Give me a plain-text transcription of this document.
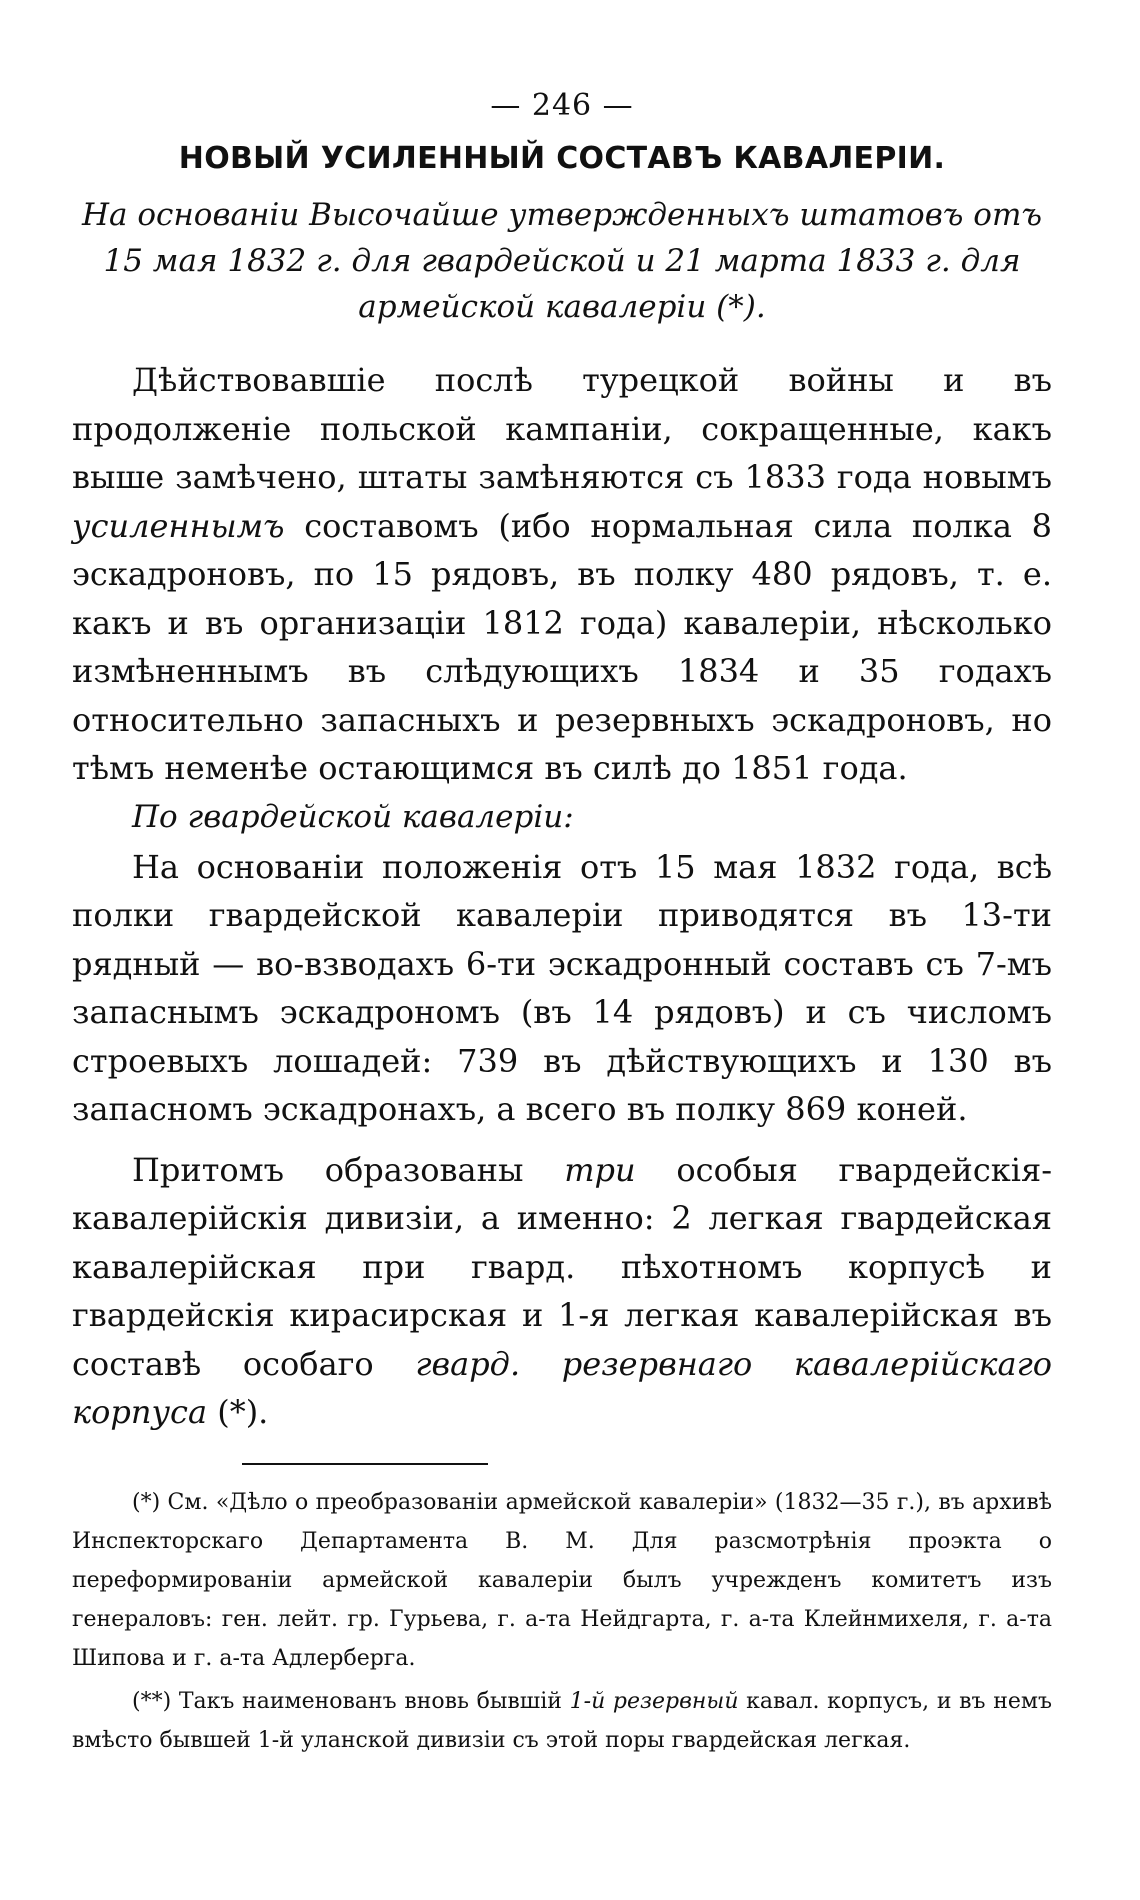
— 246 —
НОВЫЙ УСИЛЕННЫЙ СОСТАВЪ КАВАЛЕРІИ.

На основаніи Высочайше утвержденныхъ штатовъ отъ 15 мая 1832 г. для гвардейской и 21 марта 1833 г. для армейской кавалеріи (*).

Дѣйствовавшіе послѣ турецкой войны и въ продолженіе польской кампаніи, сокращенные, какъ выше замѣчено, штаты замѣняются съ 1833 года новымъ усиленнымъ составомъ (ибо нормальная сила полка 8 эскадроновъ, по 15 рядовъ, въ полку 480 рядовъ, т. е. какъ и въ организаціи 1812 года) кавалеріи, нѣсколько измѣненнымъ въ слѣдующихъ 1834 и 35 годахъ относительно запасныхъ и резервныхъ эскадроновъ, но тѣмъ неменѣе остающимся въ силѣ до 1851 года.

По гвардейской кавалеріи:

На основаніи положенія отъ 15 мая 1832 года, всѣ полки гвардейской кавалеріи приводятся въ 13-ти рядный — во-взводахъ 6-ти эскадронный составъ съ 7-мъ запаснымъ эскадрономъ (въ 14 рядовъ) и съ числомъ строевыхъ лошадей: 739 въ дѣйствующихъ и 130 въ запасномъ эскадронахъ, а всего въ полку 869 коней.

Притомъ образованы три особыя гвардейскія-кавалерійскія дивизіи, а именно: 2 легкая гвардейская кавалерійская при гвард. пѣхотномъ корпусѣ и гвардейскія кирасирская и 1-я легкая кавалерійская въ составѣ особаго гвард. резервнаго кавалерійскаго корпуса (*).

(*) См. «Дѣло о преобразованіи армейской кавалеріи» (1832—35 г.), въ архивѣ Инспекторскаго Департамента В. М. Для разсмотрѣнія проэкта о переформированіи армейской кавалеріи былъ учрежденъ комитетъ изъ генераловъ: ген. лейт. гр. Гурьева, г. а-та Нейдгарта, г. а-та Клейнмихеля, г. а-та Шипова и г. а-та Адлерберга.

(**) Такъ наименованъ вновь бывшій 1-й резервный кавал. корпусъ, и въ немъ вмѣсто бывшей 1-й уланской дивизіи съ этой поры гвардейская легкая.
